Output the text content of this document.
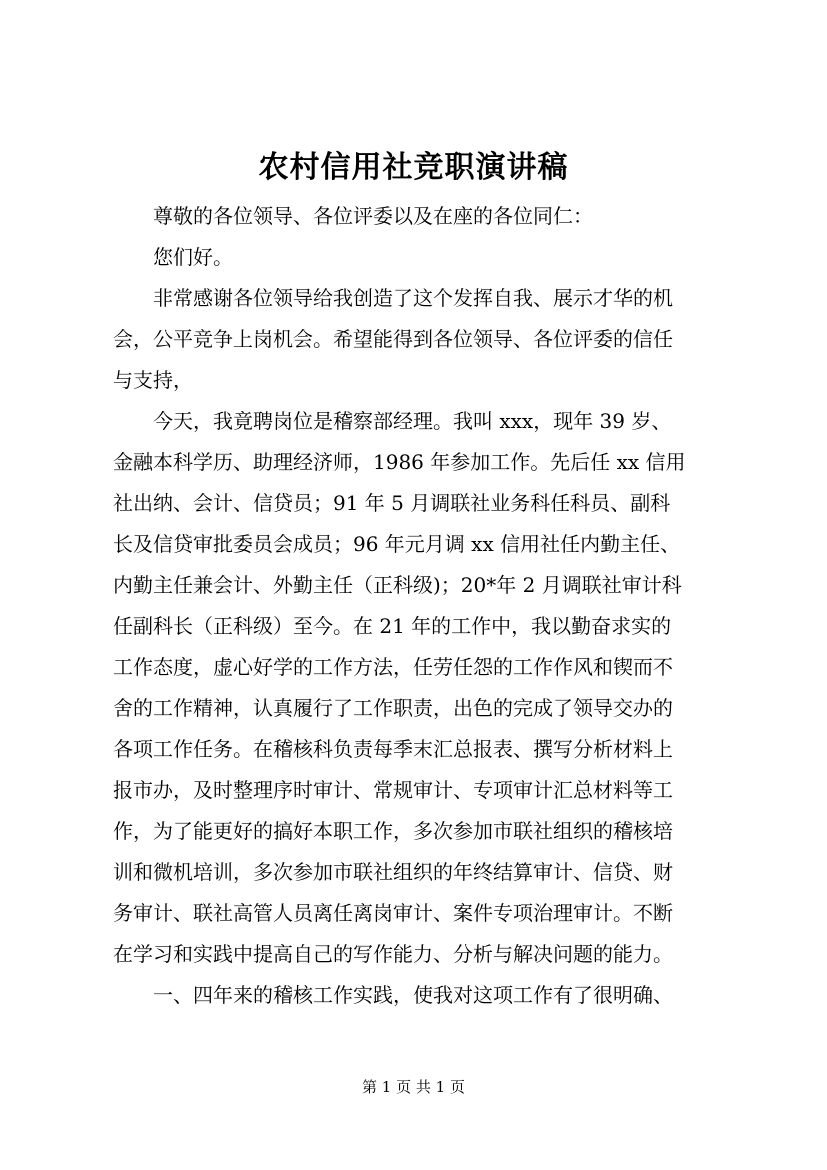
农村信用社竞职演讲稿
尊敬的各位领导、各位评委以及在座的各位同仁：
您们好。
非常感谢各位领导给我创造了这个发挥自我、展示才华的机
会，公平竞争上岗机会。希望能得到各位领导、各位评委的信任
与支持，
今天，我竟聘岗位是稽察部经理。我叫 xxx，现年 39 岁、
金融本科学历、助理经济师，1986 年参加工作。先后任 xx 信用
社出纳、会计、信贷员；91 年 5 月调联社业务科任科员、副科
长及信贷审批委员会成员；96 年元月调 xx 信用社任内勤主任、
内勤主任兼会计、外勤主任（正科级)；20*年 2 月调联社审计科
任副科长（正科级）至今。在 21 年的工作中，我以勤奋求实的
工作态度，虚心好学的工作方法，任劳任怨的工作作风和锲而不
舍的工作精神，认真履行了工作职责，出色的完成了领导交办的
各项工作任务。在稽核科负责每季末汇总报表、撰写分析材料上
报市办，及时整理序时审计、常规审计、专项审计汇总材料等工
作，为了能更好的搞好本职工作，多次参加市联社组织的稽核培
训和微机培训，多次参加市联社组织的年终结算审计、信贷、财
务审计、联社高管人员离任离岗审计、案件专项治理审计。不断
在学习和实践中提高自己的写作能力、分析与解决问题的能力。
一、四年来的稽核工作实践，使我对这项工作有了很明确、
第 1 页 共 1 页
